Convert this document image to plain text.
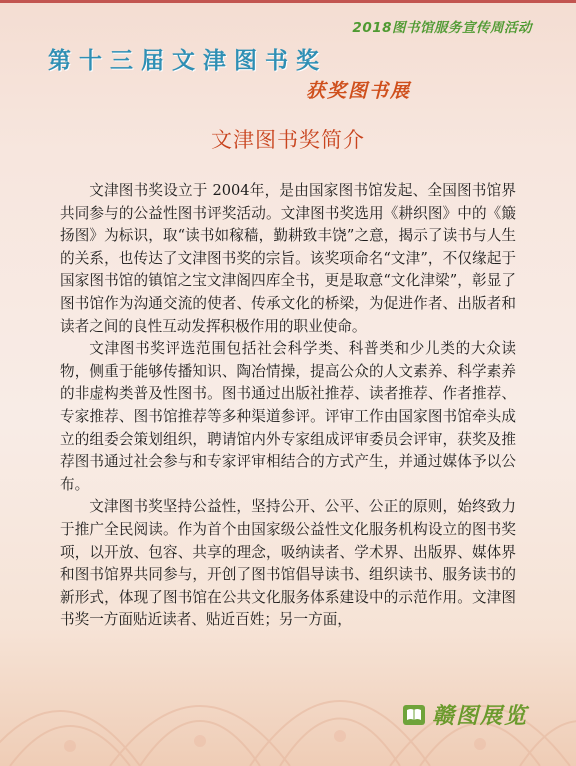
2018图书馆服务宣传周活动
第十三届文津图书奖
获奖图书展
文津图书奖简介

文津图书奖设立于 2004年，是由国家图书馆发起、全国图书馆界共同参与的公益性图书评奖活动。文津图书奖选用《耕织图》中的《簸扬图》为标识，取“读书如稼穑，勤耕致丰饶”之意，揭示了读书与人生的关系，也传达了文津图书奖的宗旨。该奖项命名“文津”，不仅缘起于国家图书馆的镇馆之宝文津阁四库全书，更是取意“文化津梁”，彰显了图书馆作为沟通交流的使者、传承文化的桥梁，为促进作者、出版者和读者之间的良性互动发挥积极作用的职业使命。

文津图书奖评选范围包括社会科学类、科普类和少儿类的大众读物，侧重于能够传播知识、陶冶情操，提高公众的人文素养、科学素养的非虚构类普及性图书。图书通过出版社推荐、读者推荐、作者推荐、专家推荐、图书馆推荐等多种渠道参评。评审工作由国家图书馆牵头成立的组委会策划组织，聘请馆内外专家组成评审委员会评审，获奖及推荐图书通过社会参与和专家评审相结合的方式产生，并通过媒体予以公布。

文津图书奖坚持公益性，坚持公开、公平、公正的原则，始终致力于推广全民阅读。作为首个由国家级公益性文化服务机构设立的图书奖项，以开放、包容、共享的理念，吸纳读者、学术界、出版界、媒体界和图书馆界共同参与，开创了图书馆倡导读书、组织读书、服务读书的新形式，体现了图书馆在公共文化服务体系建设中的示范作用。文津图书奖一方面贴近读者、贴近百姓；另一方面，

赣图展览
